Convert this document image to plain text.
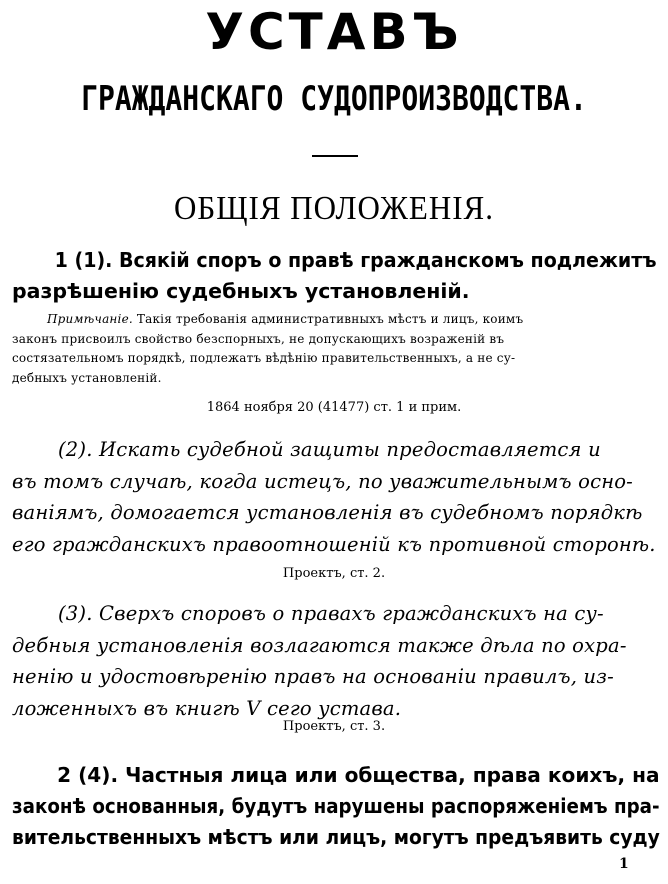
УСТАВЪ
ГРАЖДАНСКАГО СУДОПРОИЗВОДСТВА.
ОБЩІЯ ПОЛОЖЕНІЯ.
1 (1). Всякій споръ о правѣ гражданскомъ подлежитъ
разрѣшенію судебныхъ установленій.
Примѣчаніе. Такія требованія административныхъ мѣстъ и лицъ, коимъ
законъ присвоилъ свойство безспорныхъ, не допускающихъ возраженій въ
состязательномъ порядкѣ, подлежатъ вѣдѣнію правительственныхъ, а не су-
дебныхъ установленій.
1864 ноября 20 (41477) ст. 1 и прим.
(2). Искать судебной защиты предоставляется и
въ томъ случаѣ, когда истецъ, по уважительнымъ осно-
ваніямъ, домогается установленія въ судебномъ порядкѣ
его гражданскихъ правоотношеній къ противной сторонѣ.
Проектъ, ст. 2.
(3). Сверхъ споровъ о правахъ гражданскихъ на су-
дебныя установленія возлагаются также дѣла по охра-
ненію и удостовѣренію правъ на основаніи правилъ, из-
ложенныхъ въ книгѣ V сего устава.
Проектъ, ст. 3.
2 (4). Частныя лица или общества, права коихъ, на
законѣ основанныя, будутъ нарушены распоряженіемъ пра-
вительственныхъ мѣстъ или лицъ, могутъ предъявить суду
1
